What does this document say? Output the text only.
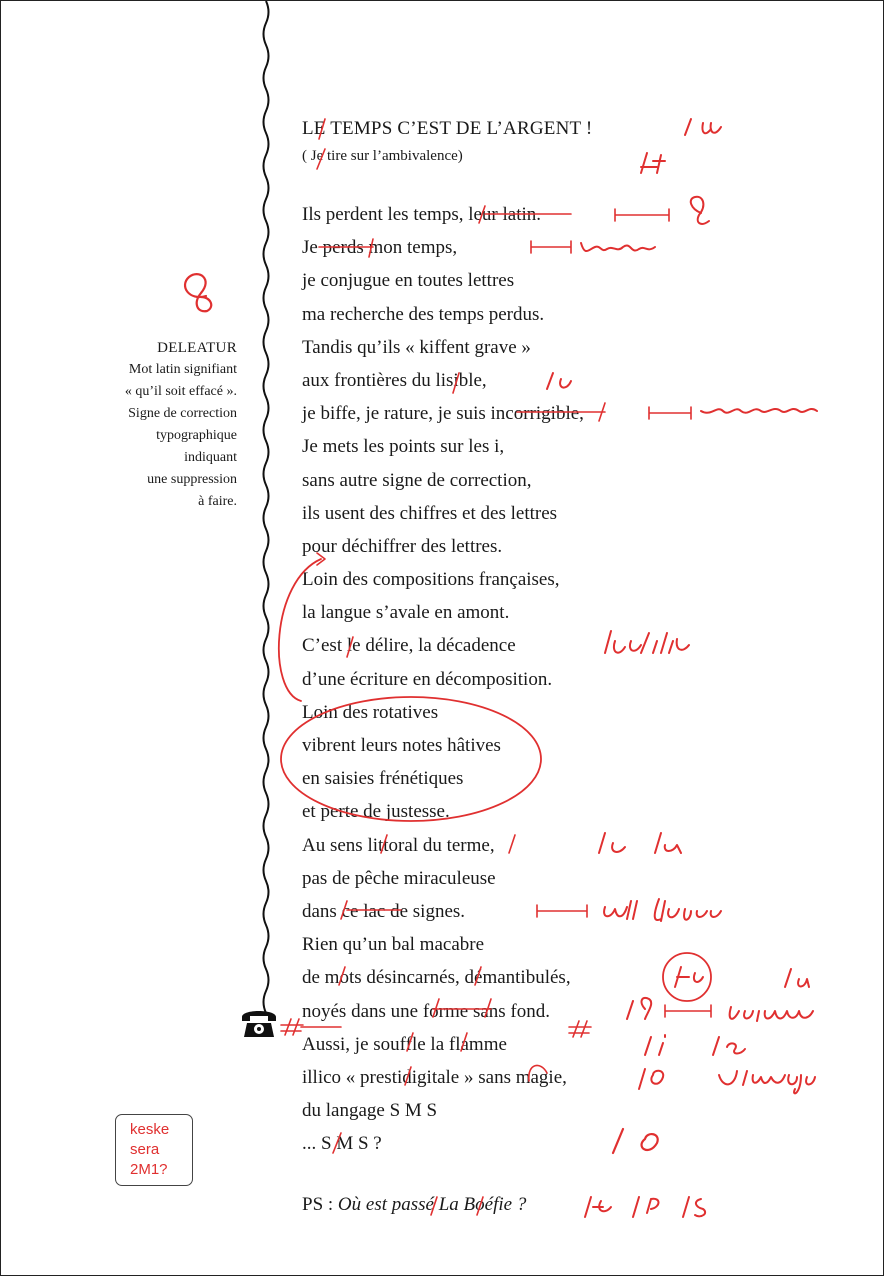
DELEATUR
Mot latin signifiant
« qu’il soit effacé ».
Signe de correction
typographique
indiquant
une suppression
à faire.
LE TEMPS C’EST DE L’ARGENT !
( Je tire sur l’ambivalence)
Ils perdent les temps, leur latin.
Je perds mon temps,
je conjugue en toutes lettres
ma recherche des temps perdus.
Tandis qu’ils « kiffent grave »
aux frontières du lisible,
je biffe, je rature, je suis incorrigible,
Je mets les points sur les i,
sans autre signe de correction,
ils usent des chiffres et des lettres
pour déchiffrer des lettres.
Loin des compositions françaises,
la langue s’avale en amont.
C’est le délire, la décadence
d’une écriture en décomposition.
Loin des rotatives
vibrent leurs notes hâtives
en saisies frénétiques
et perte de justesse.
Au sens littoral du terme,
pas de pêche miraculeuse
dans ce lac de signes.
Rien qu’un bal macabre
de mots désincarnés, démantibulés,
noyés dans une forme sans fond.
Aussi, je souffle la flamme
illico « prestidigitale » sans magie,
du langage S M S
... S M S ?
PS : Où est passé La Boéfie ?
keske
sera
2M1?
